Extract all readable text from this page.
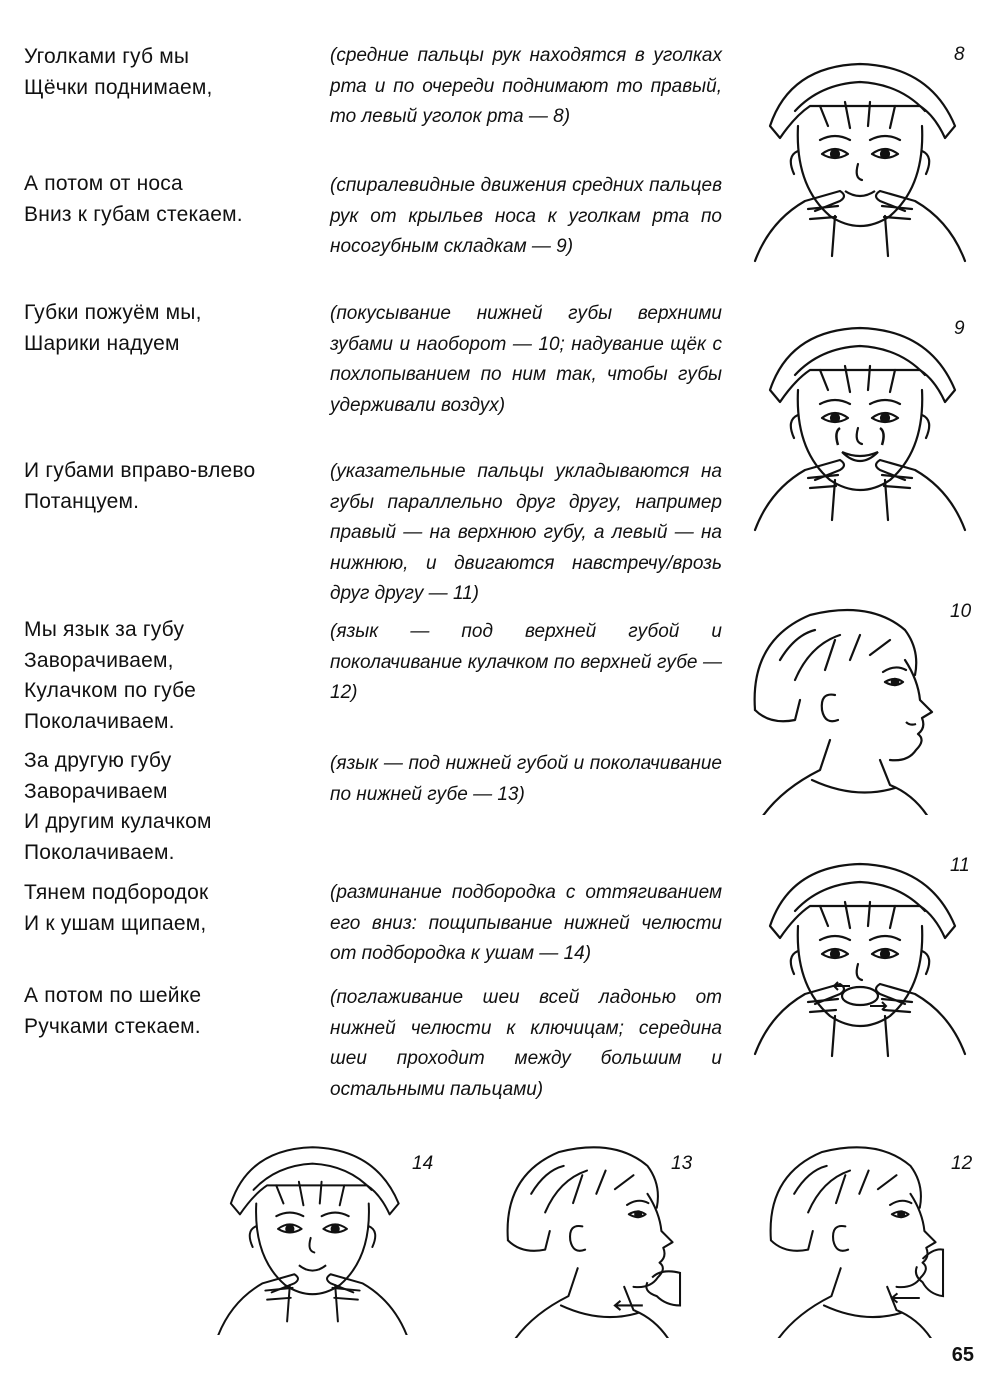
Уголками губ мы
Щёчки поднимаем,
(средние пальцы рук находятся в уголках рта и по очереди поднимают то правый, то левый уголок рта — 8)
А потом от носа
Вниз к губам стекаем.
(спиралевидные движения средних пальцев рук от крыльев носа к уголкам рта по носогубным складкам — 9)
Губки пожуём мы,
Шарики надуем
(покусывание нижней губы верхними зубами и наоборот — 10; надувание щёк с похлопыванием по ним так, чтобы губы удерживали воздух)
И губами вправо-влево
Потанцуем.
(указательные пальцы укладываются на губы параллельно друг другу, например правый — на верхнюю губу, а левый — на нижнюю, и двигаются навстречу/врозь друг другу — 11)
Мы язык за губу
Заворачиваем,
Кулачком по губе
Поколачиваем.
(язык — под верхней губой и поколачивание кулачком по верхней губе — 12)
За другую губу
Заворачиваем
И другим кулачком
Поколачиваем.
(язык — под нижней губой и поколачивание по нижней губе — 13)
Тянем подбородок
И к ушам щипаем,
(разминание подбородка с оттягиванием его вниз: пощипывание нижней челюсти от подбородка к ушам — 14)
А потом по шейке
Ручками стекаем.
(поглаживание шеи всей ладонью от нижней челюсти к ключицам; середина шеи проходит между большим и остальными пальцами)
8
9
10
11
14	13	12
65
